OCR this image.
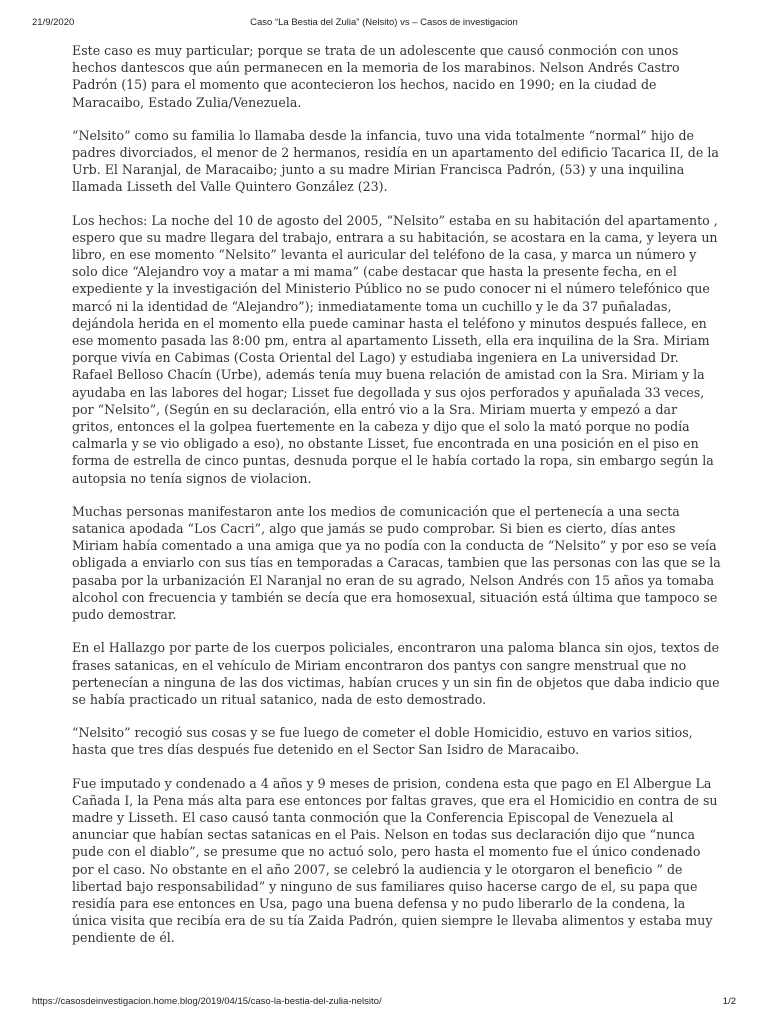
21/9/2020	Caso “La Bestia del Zulia” (Nelsito) vs – Casos de investigacion

Este caso es muy particular; porque se trata de un adolescente que causó conmoción con unos hechos dantescos que aún permanecen en la memoria de los marabinos. Nelson Andrés Castro Padrón (15) para el momento que acontecieron los hechos, nacido en 1990; en la ciudad de Maracaibo, Estado Zulia/Venezuela.

“Nelsito” como su familia lo llamaba desde la infancia, tuvo una vida totalmente “normal” hijo de padres divorciados, el menor de 2 hermanos, residía en un apartamento del edificio Tacarica II, de la Urb. El Naranjal, de Maracaibo; junto a su madre Mirian Francisca Padrón, (53) y una inquilina llamada Lisseth del Valle Quintero González (23).

Los hechos: La noche del 10 de agosto del 2005, “Nelsito” estaba en su habitación del apartamento , espero que su madre llegara del trabajo, entrara a su habitación, se acostara en la cama, y leyera un libro, en ese momento “Nelsito” levanta el auricular del teléfono de la casa, y marca un número y solo dice “Alejandro voy a matar a mi mama” (cabe destacar que hasta la presente fecha, en el expediente y la investigación del Ministerio Público no se pudo conocer ni el número telefónico que marcó ni la identidad de “Alejandro”); inmediatamente toma un cuchillo y le da 37 puñaladas, dejándola herida en el momento ella puede caminar hasta el teléfono y minutos después fallece, en ese momento pasada las 8:00 pm, entra al apartamento Lisseth, ella era inquilina de la Sra. Miriam porque vivía en Cabimas (Costa Oriental del Lago) y estudiaba ingeniera en La universidad Dr. Rafael Belloso Chacín (Urbe), además tenía muy buena relación de amistad con la Sra. Miriam y la ayudaba en las labores del hogar; Lisset fue degollada y sus ojos perforados y apuñalada 33 veces, por “Nelsito”, (Según en su declaración, ella entró vio a la Sra. Miriam muerta y empezó a dar gritos, entonces el la golpea fuertemente en la cabeza y dijo que el solo la mató porque no podía calmarla y se vio obligado a eso), no obstante Lisset, fue encontrada en una posición en el piso en forma de estrella de cinco puntas, desnuda porque el le había cortado la ropa, sin embargo según la autopsia no tenía signos de violacion.

Muchas personas manifestaron ante los medios de comunicación que el pertenecía a una secta satanica apodada “Los Cacri”, algo que jamás se pudo comprobar. Si bien es cierto, días antes Miriam había comentado a una amiga que ya no podía con la conducta de “Nelsito” y por eso se veía obligada a enviarlo con sus tías en temporadas a Caracas, tambien que las personas con las que se la pasaba por la urbanización El Naranjal no eran de su agrado, Nelson Andrés con 15 años ya tomaba alcohol con frecuencia y también se decía que era homosexual, situación está última que tampoco se pudo demostrar.

En el Hallazgo por parte de los cuerpos policiales, encontraron una paloma blanca sin ojos, textos de frases satanicas, en el vehículo de Miriam encontraron dos pantys con sangre menstrual que no pertenecían a ninguna de las dos victimas, habían cruces y un sin fin de objetos que daba indicio que se había practicado un ritual satanico, nada de esto demostrado.

“Nelsito” recogió sus cosas y se fue luego de cometer el doble Homicidio, estuvo en varios sitios, hasta que tres días después fue detenido en el Sector San Isidro de Maracaibo.

Fue imputado y condenado a 4 años y 9 meses de prision, condena esta que pago en El Albergue La Cañada I, la Pena más alta para ese entonces por faltas graves, que era el Homicidio en contra de su madre y Lisseth. El caso causó tanta conmoción que la Conferencia Episcopal de Venezuela al anunciar que habían sectas satanicas en el Pais. Nelson en todas sus declaración dijo que “nunca pude con el diablo”, se presume que no actuó solo, pero hasta el momento fue el único condenado por el caso. No obstante en el año 2007, se celebró la audiencia y le otorgaron el beneficio ” de libertad bajo responsabilidad” y ninguno de sus familiares quiso hacerse cargo de el, su papa que residía para ese entonces en Usa, pago una buena defensa y no pudo liberarlo de la condena, la única visita que recibía era de su tía Zaida Padrón, quien siempre le llevaba alimentos y estaba muy pendiente de él.

https://casosdeinvestigacion.home.blog/2019/04/15/caso-la-bestia-del-zulia-nelsito/	1/2
